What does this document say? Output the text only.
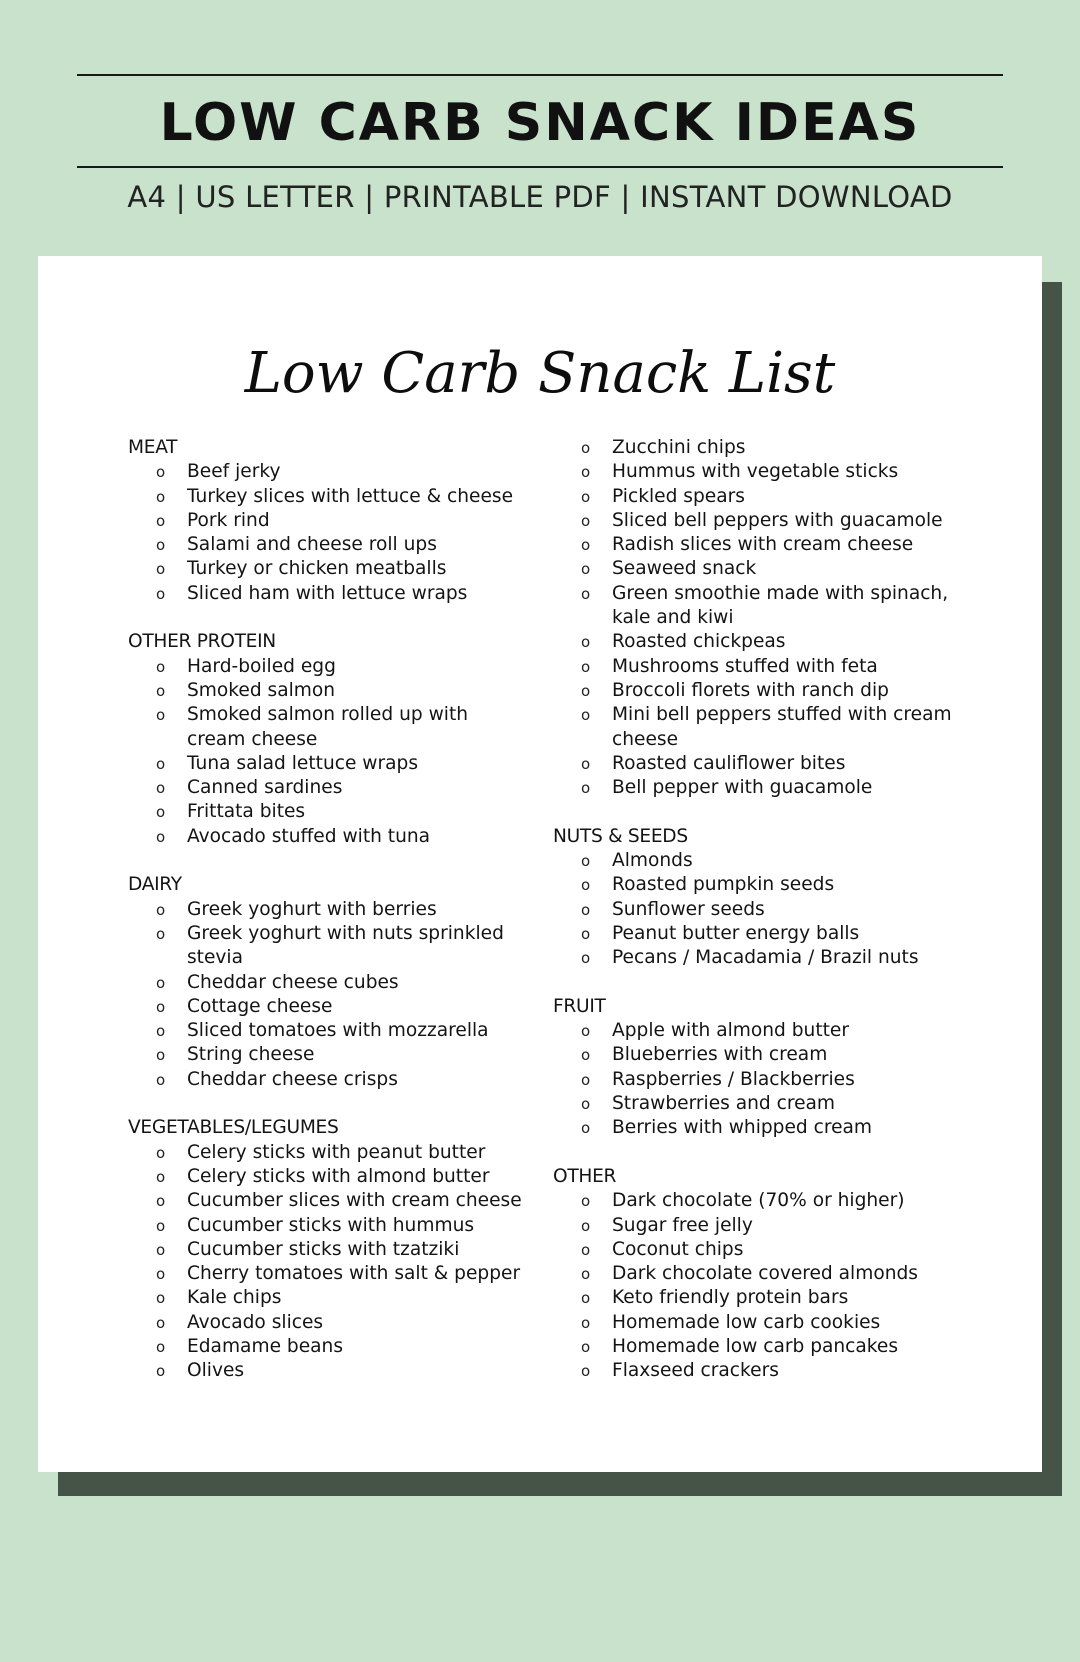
LOW CARB SNACK IDEAS
A4 | US LETTER | PRINTABLE PDF | INSTANT DOWNLOAD
Low Carb Snack List
MEAT
o Beef jerky
o Turkey slices with lettuce & cheese
o Pork rind
o Salami and cheese roll ups
o Turkey or chicken meatballs
o Sliced ham with lettuce wraps
OTHER PROTEIN
o Hard-boiled egg
o Smoked salmon
o Smoked salmon rolled up with cream cheese
o Tuna salad lettuce wraps
o Canned sardines
o Frittata bites
o Avocado stuffed with tuna
DAIRY
o Greek yoghurt with berries
o Greek yoghurt with nuts sprinkled stevia
o Cheddar cheese cubes
o Cottage cheese
o Sliced tomatoes with mozzarella
o String cheese
o Cheddar cheese crisps
VEGETABLES/LEGUMES
o Celery sticks with peanut butter
o Celery sticks with almond butter
o Cucumber slices with cream cheese
o Cucumber sticks with hummus
o Cucumber sticks with tzatziki
o Cherry tomatoes with salt & pepper
o Kale chips
o Avocado slices
o Edamame beans
o Olives
o Zucchini chips
o Hummus with vegetable sticks
o Pickled spears
o Sliced bell peppers with guacamole
o Radish slices with cream cheese
o Seaweed snack
o Green smoothie made with spinach, kale and kiwi
o Roasted chickpeas
o Mushrooms stuffed with feta
o Broccoli florets with ranch dip
o Mini bell peppers stuffed with cream cheese
o Roasted cauliflower bites
o Bell pepper with guacamole
NUTS & SEEDS
o Almonds
o Roasted pumpkin seeds
o Sunflower seeds
o Peanut butter energy balls
o Pecans / Macadamia / Brazil nuts
FRUIT
o Apple with almond butter
o Blueberries with cream
o Raspberries / Blackberries
o Strawberries and cream
o Berries with whipped cream
OTHER
o Dark chocolate (70% or higher)
o Sugar free jelly
o Coconut chips
o Dark chocolate covered almonds
o Keto friendly protein bars
o Homemade low carb cookies
o Homemade low carb pancakes
o Flaxseed crackers
